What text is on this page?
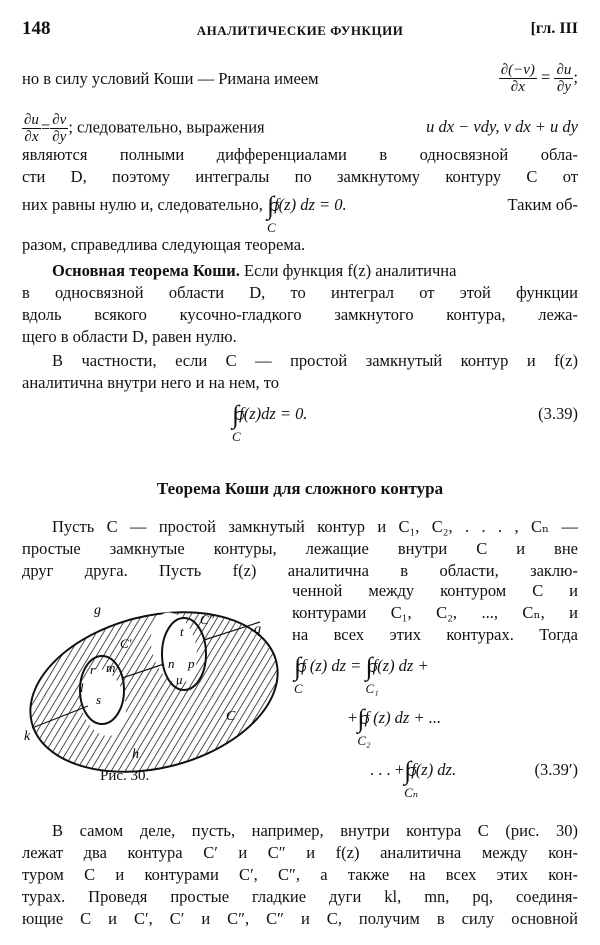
148	АНАЛИТИЧЕСКИЕ ФУНКЦИИ	[гл. III
но в силу условий Коши — Римана имеем	$\frac{\partial(-v)}{\partial x} = \frac{\partial u}{\partial y}$ ;
$\frac{\partial u}{\partial x} = \frac{\partial v}{\partial y}$ ; следовательно, выражения	u dx − vdy, v dx + u dy
являются полными дифференциалами в односвязной обла-
сти D, поэтому интегралы по замкнутому контуру C от
них равны нулю и, следовательно, ∫
C
f(z) dz = 0.	Таким об-
разом, справедлива следующая теорема.
Основная теорема Коши. Если функция f(z) аналитична
в односвязной области D, то интеграл от этой функции
вдоль всякого кусочно-гладкого замкнутого контура, лежа-
щего в области D, равен нулю.
В частности, если C — простой замкнутый контур и f(z)
аналитична внутри него и на нем, то
∫
C
f(z)dz = 0.	(3.39)
Теорема Коши для сложного контура
Пусть C — простой замкнутый контур и C₁, C₂, . . . , Cₙ —
простые замкнутые контуры, лежащие внутри C и вне
друг друга. Пусть f(z) аналитична в области, заклю-
ченной между контуром C и
контурами C₁, C₂, ..., Cₙ, и
на всех этих контурах. Тогда
g
q
k
h
C
C′
C″
r m
l
s
t
n p
u
Рис. 30.
∫
C
f (z) dz = ∫
C₁
f(z) dz +
+∫
C₂
f (z) dz + ...
. . . +∫
Cₙ
f(z) dz.	(3.39′)
В самом деле, пусть, например, внутри контура C (рис. 30)
лежат два контура C′ и C″ и f(z) аналитична между кон-
туром C и контурами C′, C″, а также на всех этих кон-
турах. Проведя простые гладкие дуги kl, mn, pq, соединя-
ющие C и C′, C′ и C″, C″ и C, получим в силу основной
